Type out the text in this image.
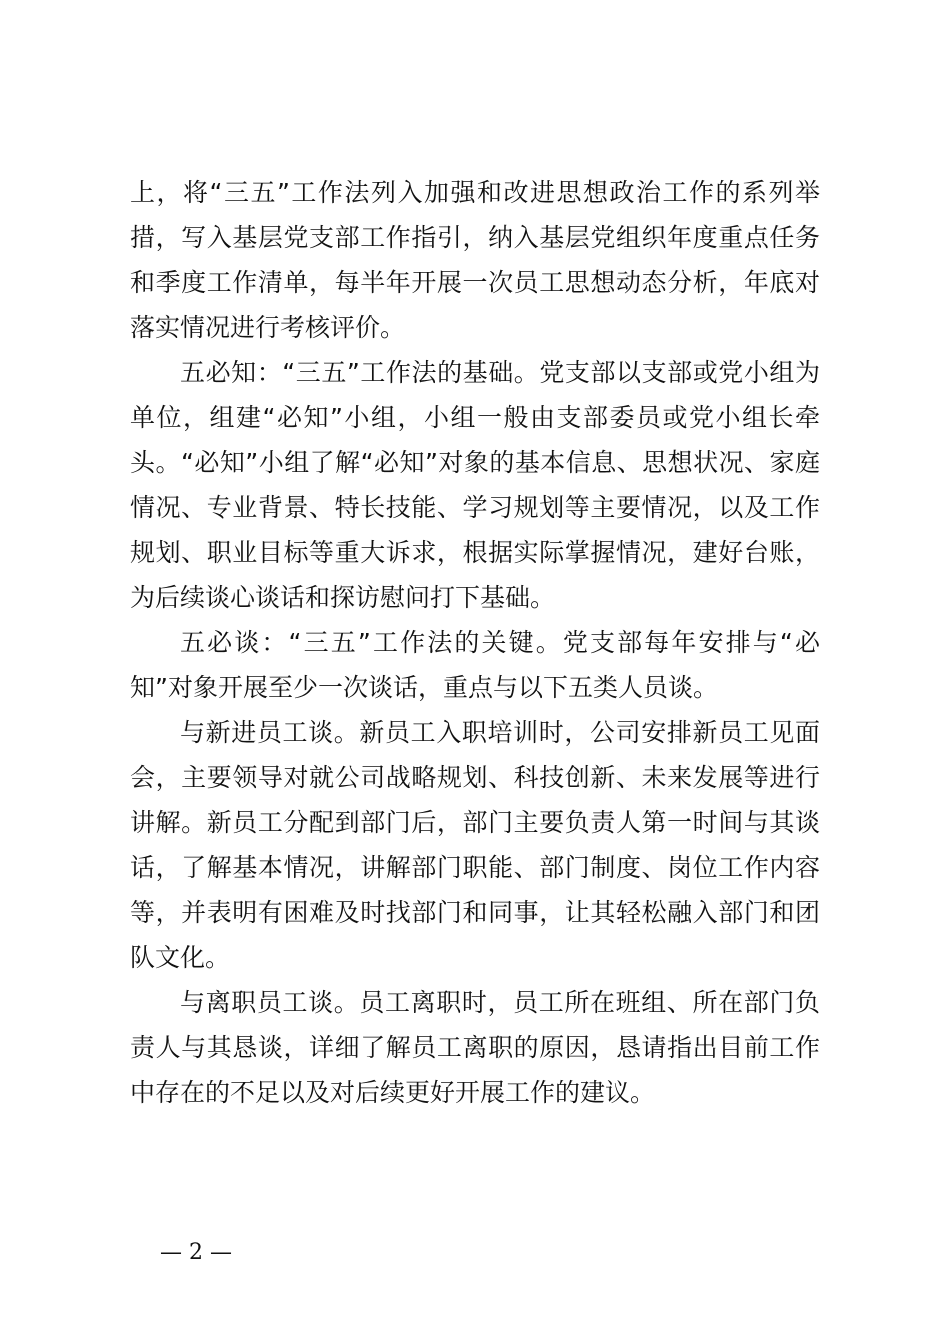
上，将“三五”工作法列入加强和改进思想政治工作的系列举
措，写入基层党支部工作指引，纳入基层党组织年度重点任务
和季度工作清单，每半年开展一次员工思想动态分析，年底对
落实情况进行考核评价。
五必知：“三五”工作法的基础。党支部以支部或党小组为
单位，组建“必知”小组，小组一般由支部委员或党小组长牵
头。“必知”小组了解“必知”对象的基本信息、思想状况、家庭
情况、专业背景、特长技能、学习规划等主要情况，以及工作
规划、职业目标等重大诉求，根据实际掌握情况，建好台账，
为后续谈心谈话和探访慰问打下基础。
五必谈：“三五”工作法的关键。党支部每年安排与“必
知”对象开展至少一次谈话，重点与以下五类人员谈。
与新进员工谈。新员工入职培训时，公司安排新员工见面
会，主要领导对就公司战略规划、科技创新、未来发展等进行
讲解。新员工分配到部门后，部门主要负责人第一时间与其谈
话，了解基本情况，讲解部门职能、部门制度、岗位工作内容
等，并表明有困难及时找部门和同事，让其轻松融入部门和团
队文化。
与离职员工谈。员工离职时，员工所在班组、所在部门负
责人与其恳谈，详细了解员工离职的原因，恳请指出目前工作
中存在的不足以及对后续更好开展工作的建议。
— 2 —
